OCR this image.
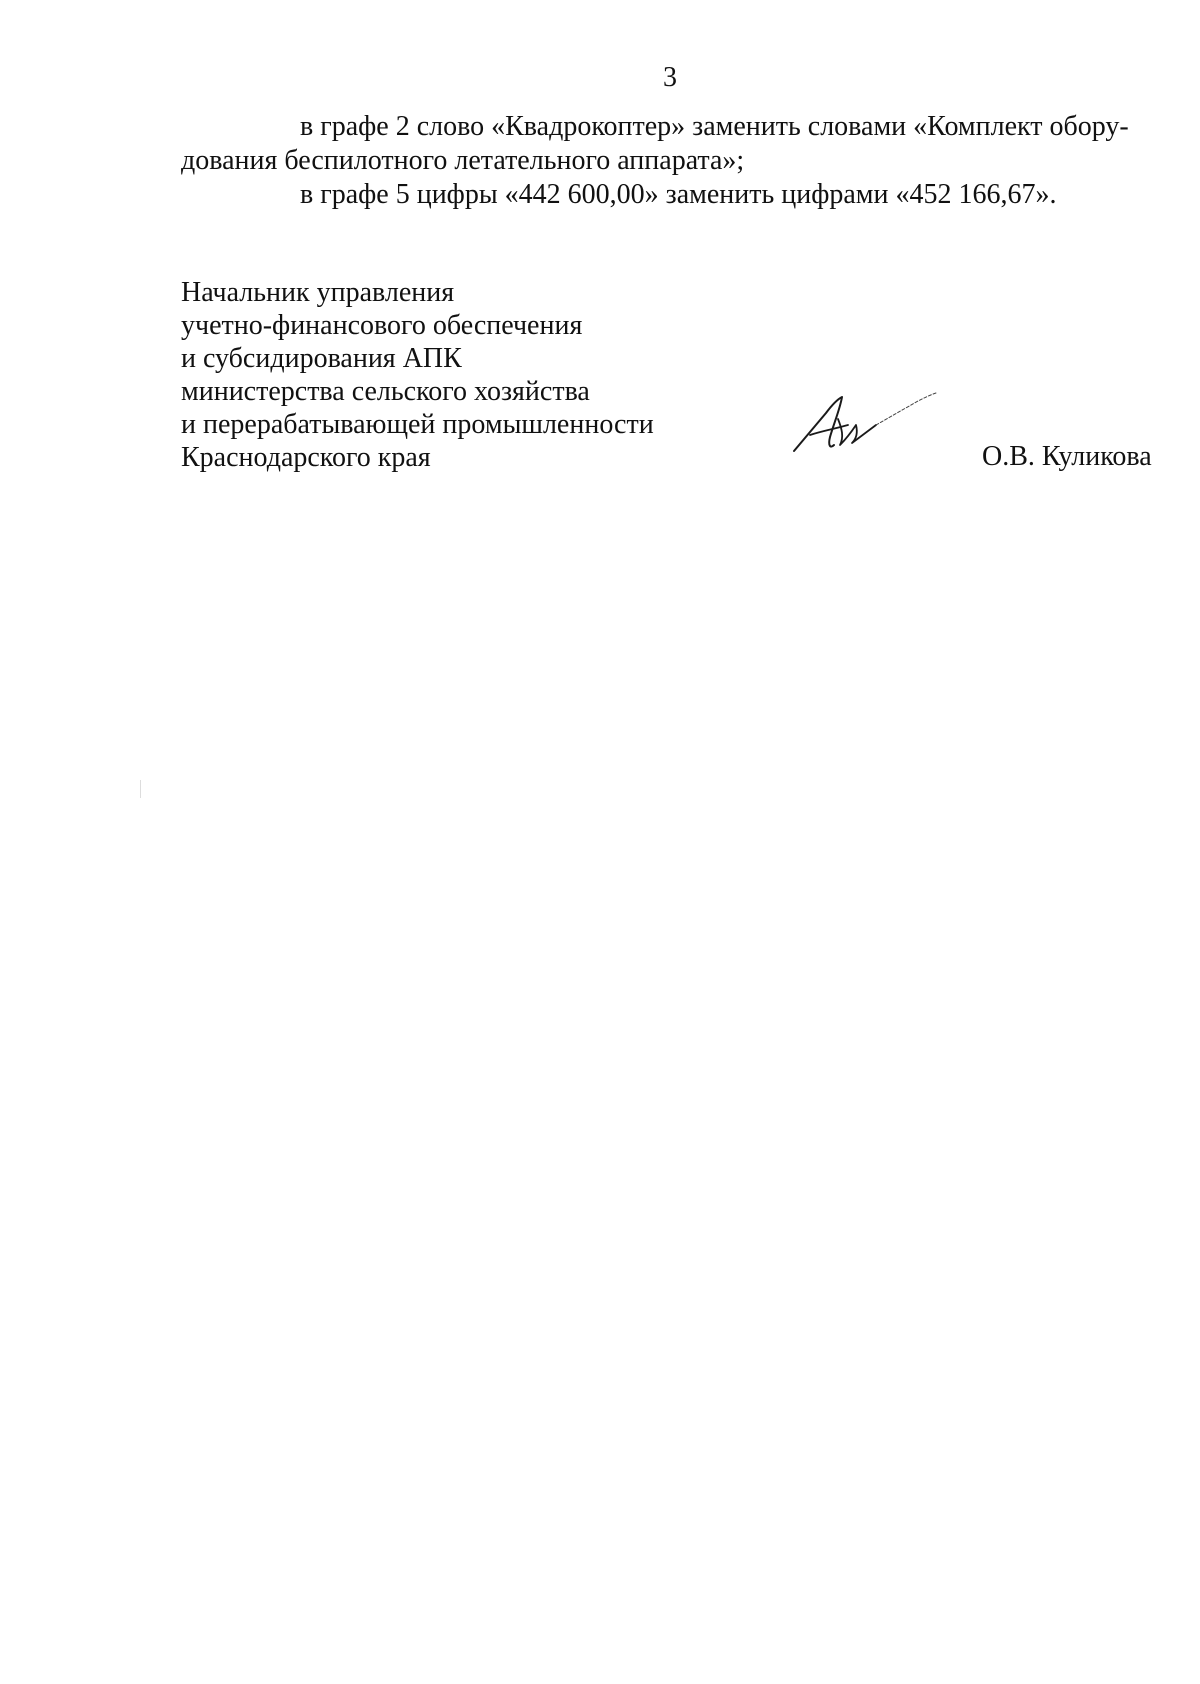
3
в графе 2 слово «Квадрокоптер» заменить словами «Комплект обору-
дования беспилотного летательного аппарата»;
в графе 5 цифры «442 600,00» заменить цифрами «452 166,67».
Начальник управления
учетно-финансового обеспечения
и субсидирования АПК
министерства сельского хозяйства
и перерабатывающей промышленности
Краснодарского края	О.В. Куликова
